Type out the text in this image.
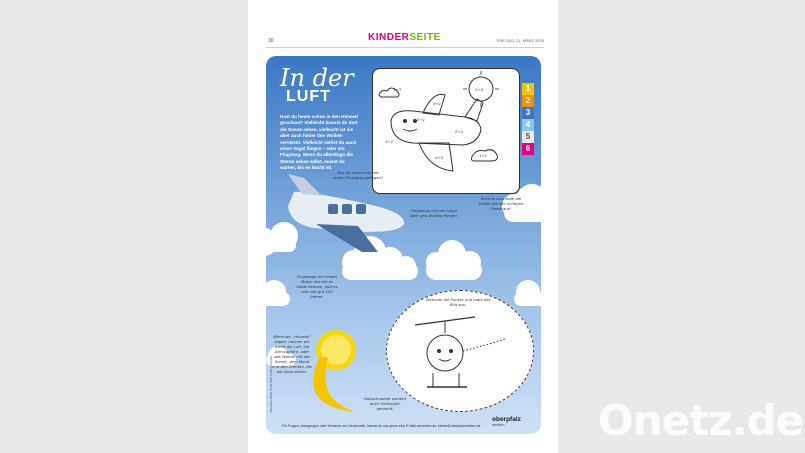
30	KINDERSEITE	FREITAG, 21. MÄRZ 2025
In der
LUFT
Hast du heute schon in den Himmel geschaut? Vielleicht kannst du dort die Sonne sehen, vielleicht ist sie aber auch hinter den Wolken versteckt. Vielleicht siehst du auch einen Vogel fliegen – oder ein Flugzeug. Wenn du allerdings die Sterne sehen willst, musst du warten, bis es Nacht ist.
3+3
3+1
2+0
5+1
2+2
4+0	1+1
3+2
1
2
3
4
5
6
Bist du schon mal mit einem Flugzeug geflogen?
Rechne und male die Felder mit der richtigen Farbe aus!
Flugzeuge können sogar über den Wolken fliegen.
Flugzeuge mit einem Motor, wie wir es beide kennen, gibt es erst seit gut 120 Jahren.
Wenn wir „Himmel“ sagen, meinen wir meist die Luft, die Atmosphäre, oder das Weltall mit der Sonne, dem Mond und den Sternen, die wir oben sehen.
Verbinde die Punkte und male das Bild aus.
Hubschrauber werden auch Helikopter genannt.
Illustration: Adobe Stock/ Dzen, Nadia, mhatzapa
Für Fragen, Anregungen oder Wünsche zur Kinderseite, kannst du uns gerne eine E-Mail schreiben an: kinder@oberpfalzmedien.de
oberpfalz
medien	Onetz.de
